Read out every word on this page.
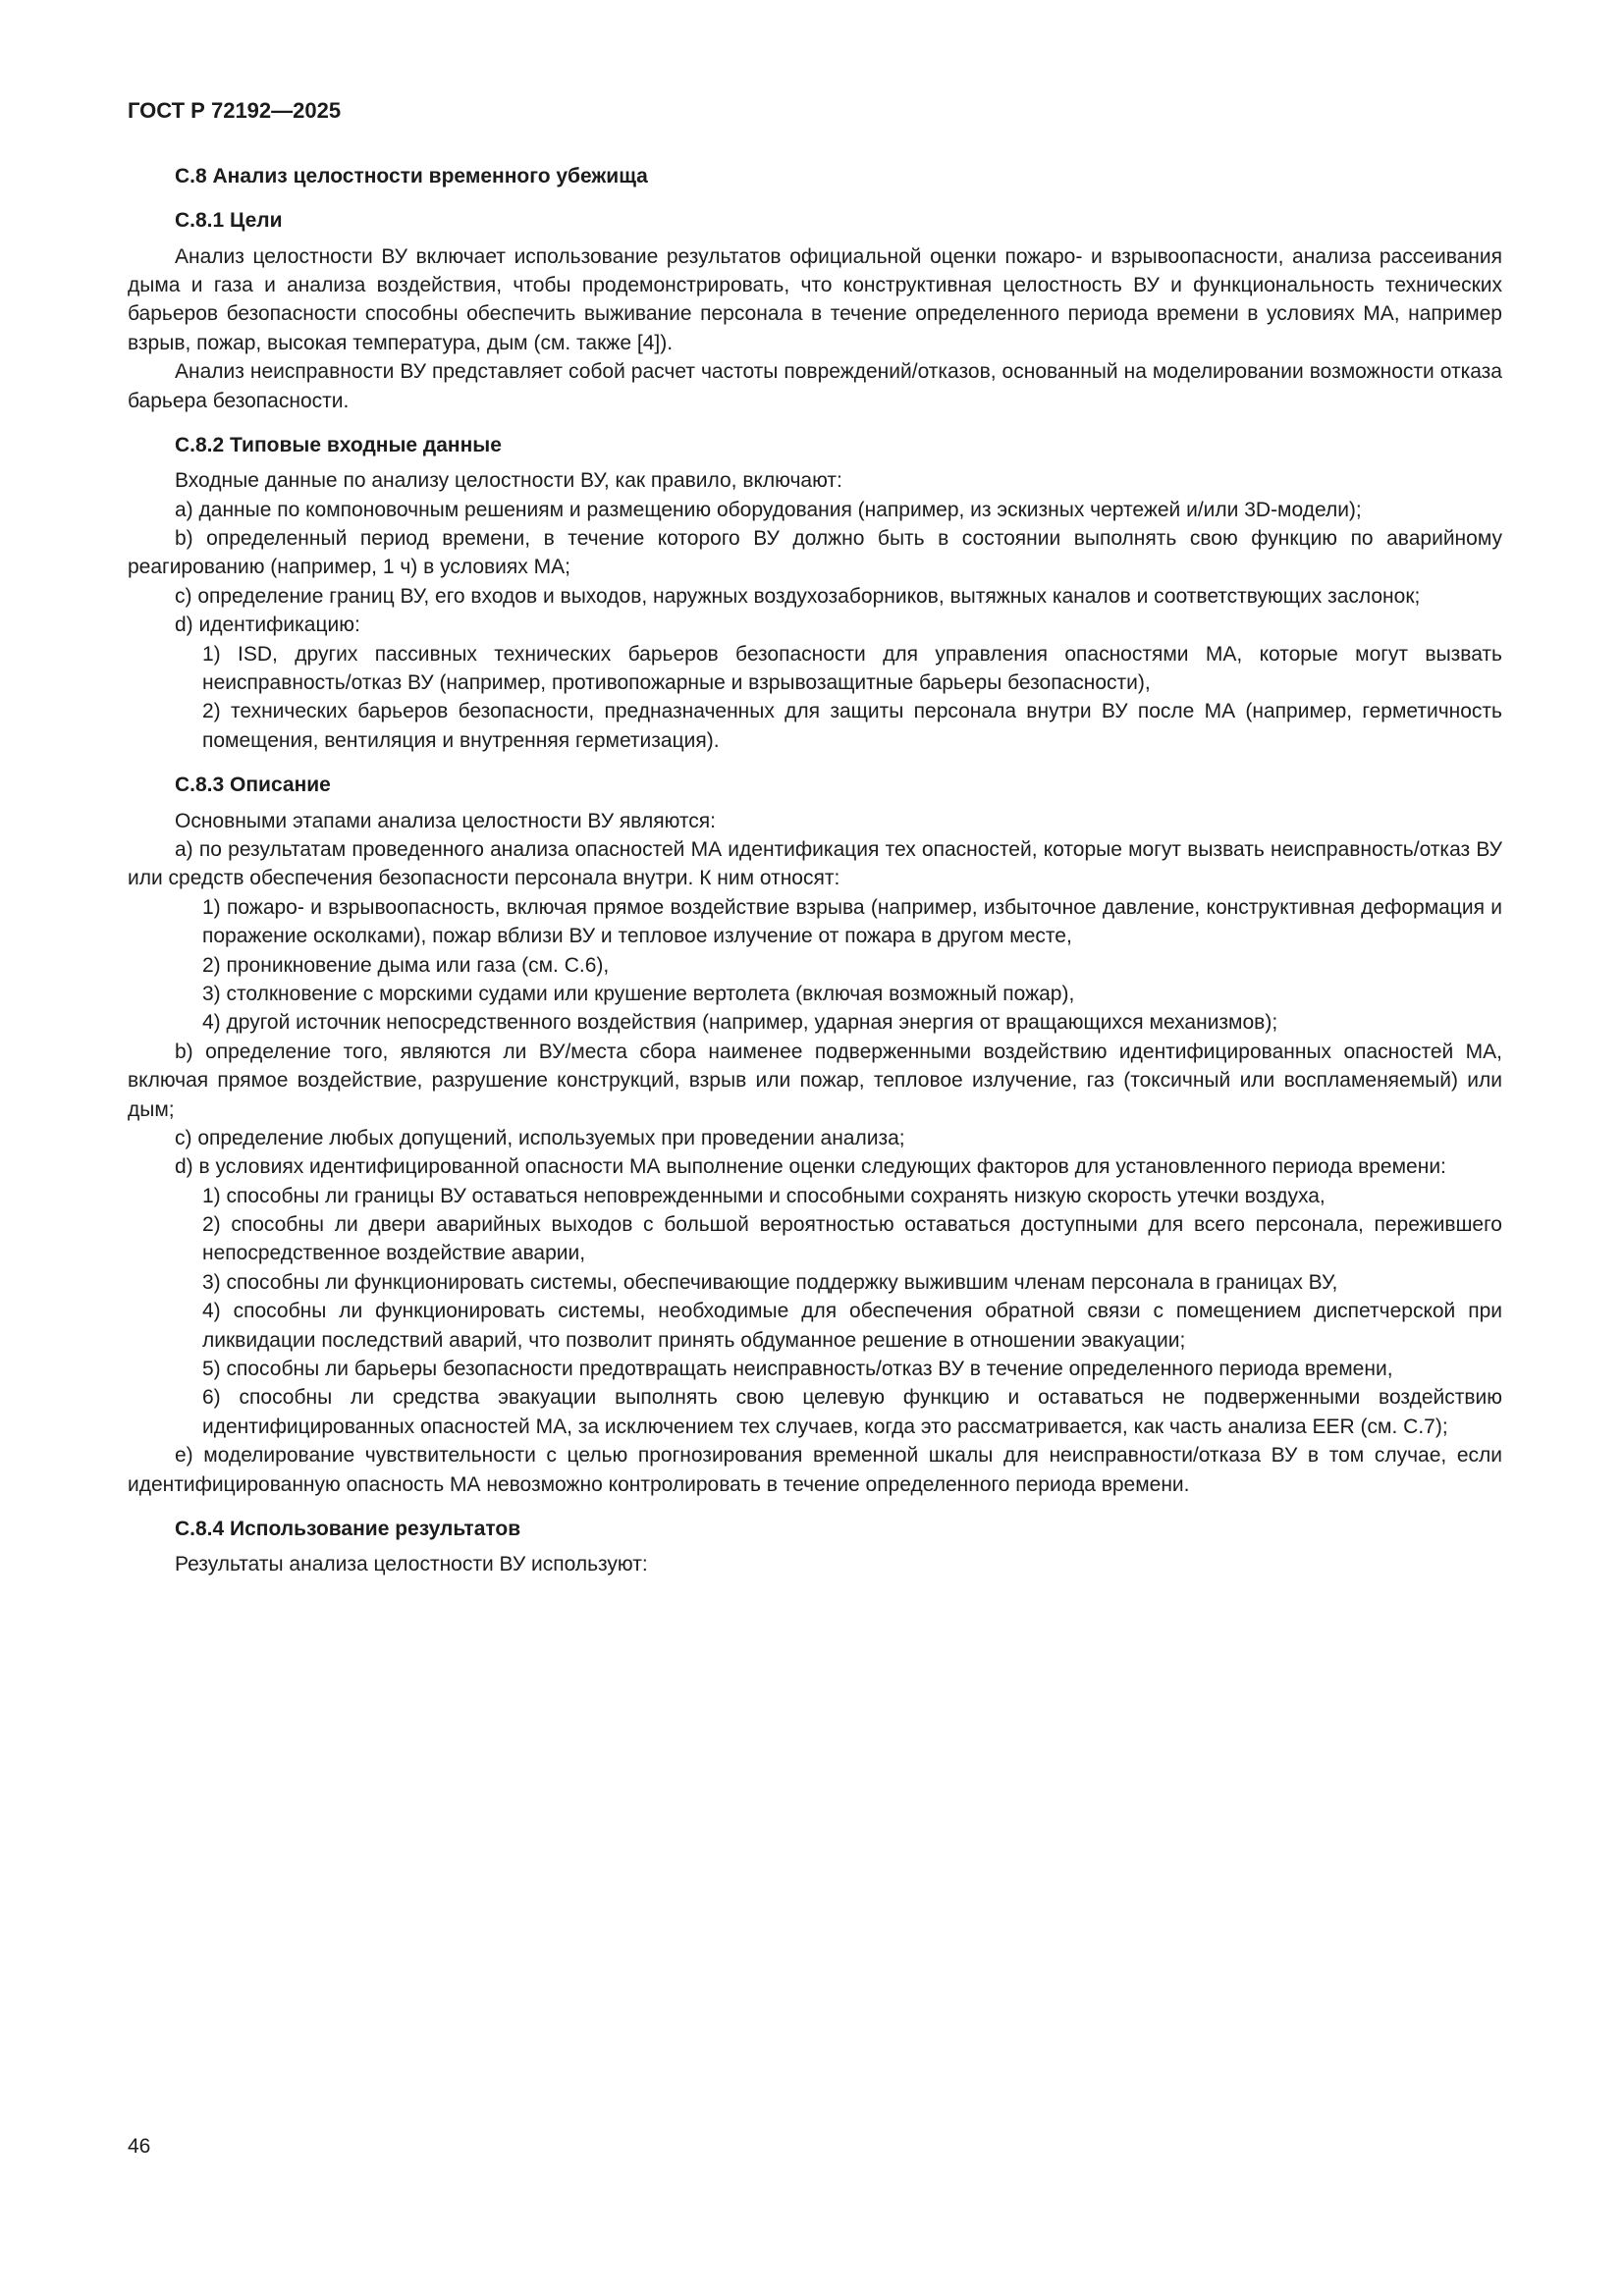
ГОСТ Р 72192—2025
С.8 Анализ целостности временного убежища
С.8.1 Цели

Анализ целостности ВУ включает использование результатов официальной оценки пожаро- и взрывоопасности, анализа рассеивания дыма и газа и анализа воздействия, чтобы продемонстрировать, что конструктивная целостность ВУ и функциональность технических барьеров безопасности способны обеспечить выживание персонала в течение определенного периода времени в условиях МА, например взрыв, пожар, высокая температура, дым (см. также [4]).

Анализ неисправности ВУ представляет собой расчет частоты повреждений/отказов, основанный на моделировании возможности отказа барьера безопасности.

С.8.2 Типовые входные данные

Входные данные по анализу целостности ВУ, как правило, включают:

a) данные по компоновочным решениям и размещению оборудования (например, из эскизных чертежей и/или 3D-модели);

b) определенный период времени, в течение которого ВУ должно быть в состоянии выполнять свою функцию по аварийному реагированию (например, 1 ч) в условиях МА;

c) определение границ ВУ, его входов и выходов, наружных воздухозаборников, вытяжных каналов и соответствующих заслонок;

d) идентификацию:

1) ISD, других пассивных технических барьеров безопасности для управления опасностями МА, которые могут вызвать неисправность/отказ ВУ (например, противопожарные и взрывозащитные барьеры безопасности),

2) технических барьеров безопасности, предназначенных для защиты персонала внутри ВУ после МА (например, герметичность помещения, вентиляция и внутренняя герметизация).

С.8.3 Описание

Основными этапами анализа целостности ВУ являются:

a) по результатам проведенного анализа опасностей МА идентификация тех опасностей, которые могут вызвать неисправность/отказ ВУ или средств обеспечения безопасности персонала внутри. К ним относят:

1) пожаро- и взрывоопасность, включая прямое воздействие взрыва (например, избыточное давление, конструктивная деформация и поражение осколками), пожар вблизи ВУ и тепловое излучение от пожара в другом месте,

2) проникновение дыма или газа (см. С.6),

3) столкновение с морскими судами или крушение вертолета (включая возможный пожар),

4) другой источник непосредственного воздействия (например, ударная энергия от вращающихся механизмов);

b) определение того, являются ли ВУ/места сбора наименее подверженными воздействию идентифицированных опасностей МА, включая прямое воздействие, разрушение конструкций, взрыв или пожар, тепловое излучение, газ (токсичный или воспламеняемый) или дым;

c) определение любых допущений, используемых при проведении анализа;

d) в условиях идентифицированной опасности МА выполнение оценки следующих факторов для установленного периода времени:

1) способны ли границы ВУ оставаться неповрежденными и способными сохранять низкую скорость утечки воздуха,

2) способны ли двери аварийных выходов с большой вероятностью оставаться доступными для всего персонала, пережившего непосредственное воздействие аварии,

3) способны ли функционировать системы, обеспечивающие поддержку выжившим членам персонала в границах ВУ,

4) способны ли функционировать системы, необходимые для обеспечения обратной связи с помещением диспетчерской при ликвидации последствий аварий, что позволит принять обдуманное решение в отношении эвакуации;

5) способны ли барьеры безопасности предотвращать неисправность/отказ ВУ в течение определенного периода времени,

6) способны ли средства эвакуации выполнять свою целевую функцию и оставаться не подверженными воздействию идентифицированных опасностей МА, за исключением тех случаев, когда это рассматривается, как часть анализа EER (см. С.7);

e) моделирование чувствительности с целью прогнозирования временной шкалы для неисправности/отказа ВУ в том случае, если идентифицированную опасность МА невозможно контролировать в течение определенного периода времени.

С.8.4 Использование результатов

Результаты анализа целостности ВУ используют:

46
